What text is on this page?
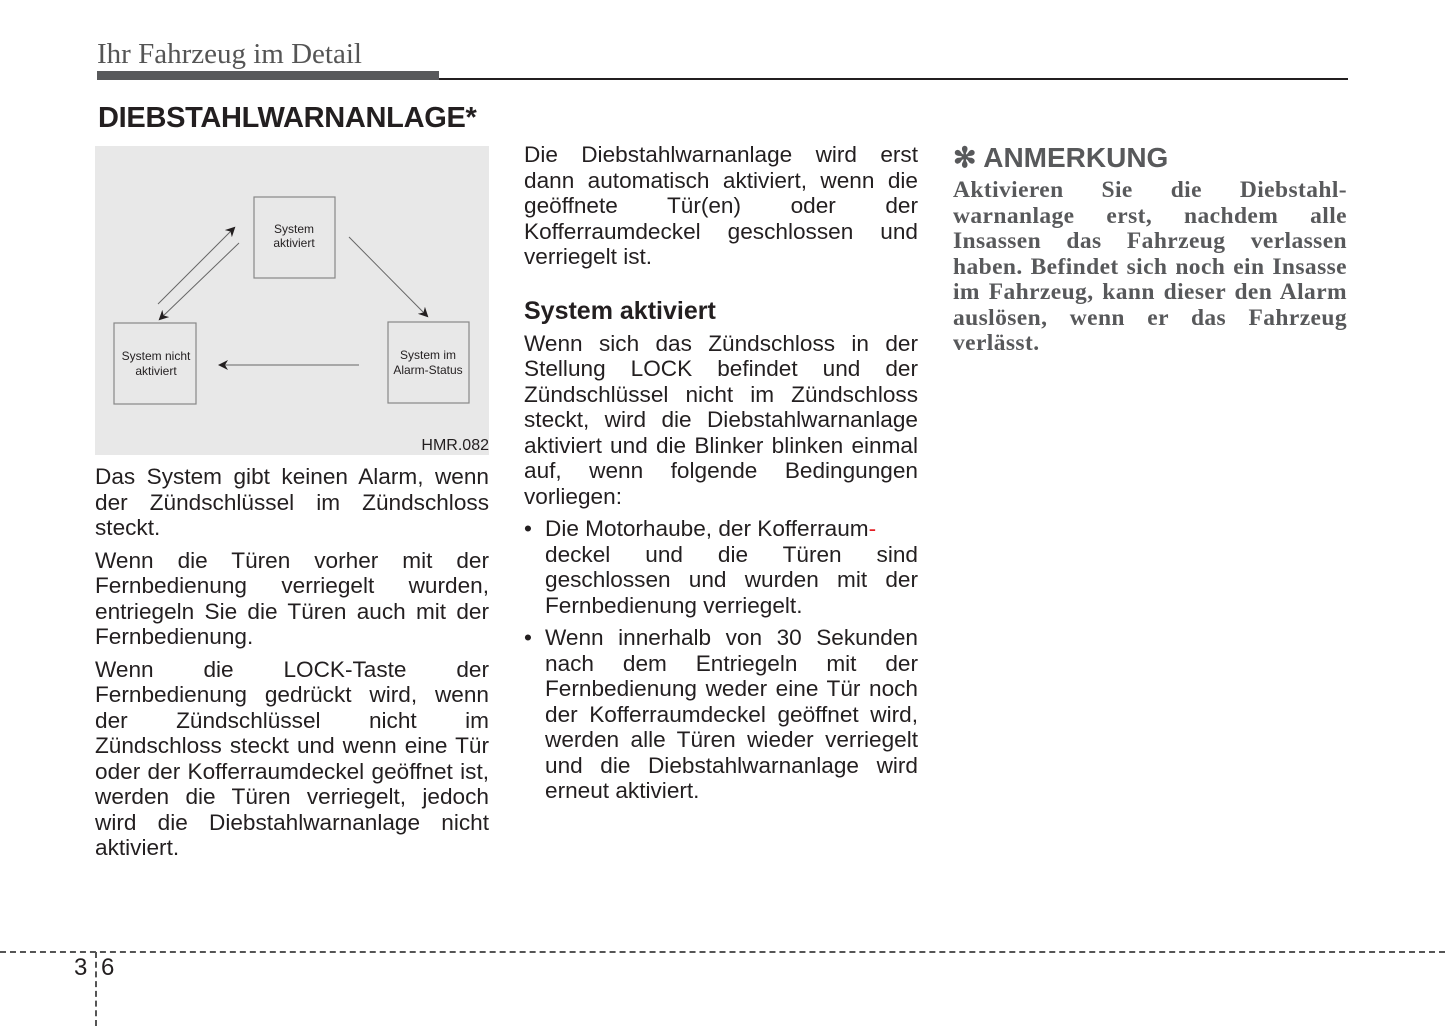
Ihr Fahrzeug im Detail
DIEBSTAHLWARNANLAGE*
System
aktiviert
System nicht
aktiviert
System im
Alarm-Status
HMR.082

Das System gibt keinen Alarm, wenn der Zündschlüssel im Zündschloss steckt.

Wenn die Türen vorher mit der Fernbedienung verriegelt wurden, entriegeln Sie die Türen auch mit der Fernbedienung.

Wenn die LOCK-Taste der Fernbedienung gedrückt wird, wenn der Zündschlüssel nicht im Zündschloss steckt und wenn eine Tür oder der Kofferraumdeckel geöffnet ist, werden die Türen verriegelt, jedoch wird die Diebstahlwarnanlage nicht aktiviert.

Die Diebstahlwarnanlage wird erst dann automatisch aktiviert, wenn die geöffnete Tür(en) oder der Kofferraumdeckel geschlossen und verriegelt ist.

System aktiviert

Wenn sich das Zündschloss in der Stellung LOCK befindet und der Zündschlüssel nicht im Zündschloss steckt, wird die Diebstahlwarnanlage aktiviert und die Blinker blinken einmal auf, wenn folgende Bedingungen vorliegen:

• Die Motorhaube, der Kofferraum-
deckel und die Türen sind geschlossen und wurden mit der Fernbedienung verriegelt.
• Wenn innerhalb von 30 Sekunden nach dem Entriegeln mit der Fernbedienung weder eine Tür noch der Kofferraumdeckel geöffnet wird, werden alle Türen wieder verriegelt und die Diebstahlwarnanlage wird erneut aktiviert.
✻ ANMERKUNG
Aktivieren Sie die Diebstahl- warnanlage erst, nachdem alle Insassen das Fahrzeug verlassen haben. Befindet sich noch ein Insasse im Fahrzeug, kann dieser den Alarm auslösen, wenn er das Fahrzeug verlässt.
3 6
